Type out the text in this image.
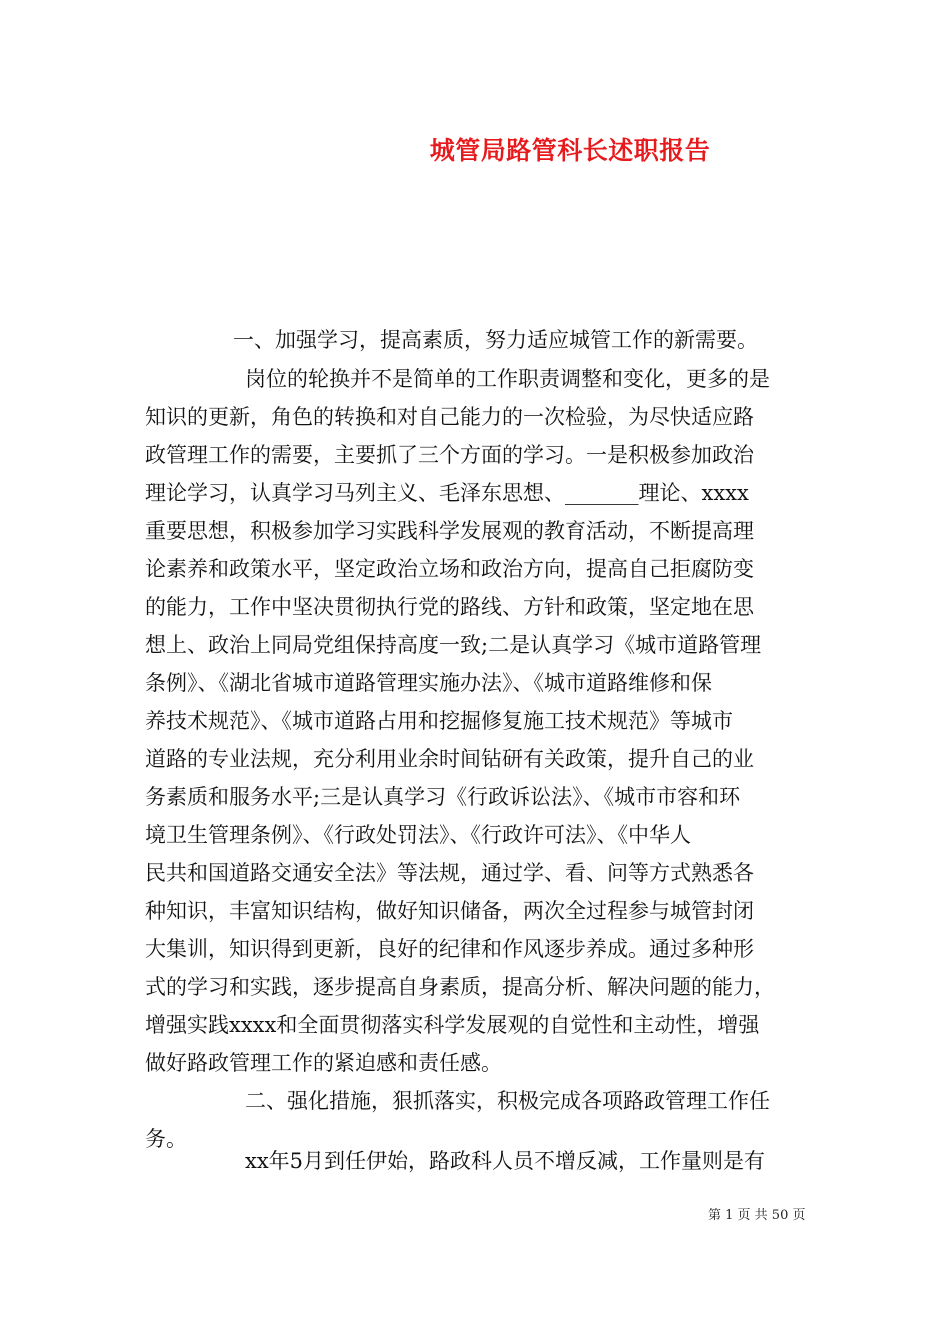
城管局路管科长述职报告
一、加强学习，提高素质，努力适应城管工作的新需要。
岗位的轮换并不是简单的工作职责调整和变化，更多的是
知识的更新，角色的转换和对自己能力的一次检验，为尽快适应路
政管理工作的需要，主要抓了三个方面的学习。一是积极参加政治
理论学习，认真学习马列主义、毛泽东思想、_______理论、xxxx
重要思想，积极参加学习实践科学发展观的教育活动，不断提高理
论素养和政策水平，坚定政治立场和政治方向，提高自己拒腐防变
的能力，工作中坚决贯彻执行党的路线、方针和政策，坚定地在思
想上、政治上同局党组保持高度一致;二是认真学习《城市道路管理
条例》、《湖北省城市道路管理实施办法》、《城市道路维修和保
养技术规范》、《城市道路占用和挖掘修复施工技术规范》等城市
道路的专业法规，充分利用业余时间钻研有关政策，提升自己的业
务素质和服务水平;三是认真学习《行政诉讼法》、《城市市容和环
境卫生管理条例》、《行政处罚法》、《行政许可法》、《中华人
民共和国道路交通安全法》等法规，通过学、看、问等方式熟悉各
种知识，丰富知识结构，做好知识储备，两次全过程参与城管封闭
大集训，知识得到更新，良好的纪律和作风逐步养成。通过多种形
式的学习和实践，逐步提高自身素质，提高分析、解决问题的能力，
增强实践xxxx和全面贯彻落实科学发展观的自觉性和主动性，增强
做好路政管理工作的紧迫感和责任感。
二、强化措施，狠抓落实，积极完成各项路政管理工作任
务。
xx年5月到任伊始，路政科人员不增反减，工作量则是有
第 1 页 共 50 页
